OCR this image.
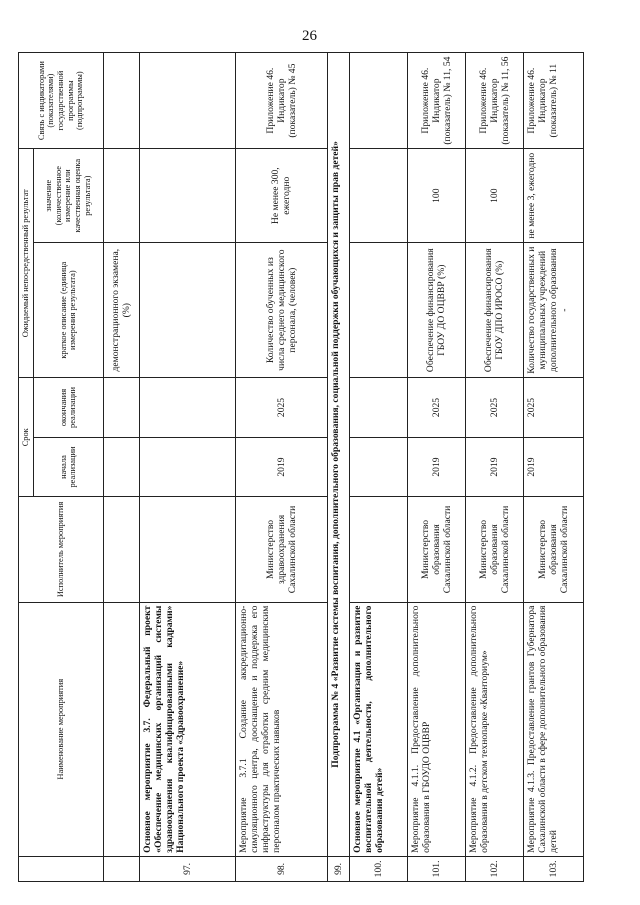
26
	Наименование мероприятия	Исполнитель мероприятия	Срок		Ожидаемый непосредственный результат		Связь с индикаторами (показателями) государственной программы (подпрограммы)
			начала реализации	окончания реализации	краткое описание (единица измерения результата)	значение (количественное измерение или качественная оценка результата)	
					демонстрационного экзамена, (%)		
97.	Основное мероприятие 3.7. Федеральный проект «Обеспечение медицинских организаций системы здравоохранения квалифицированными кадрами» Национального проекта «Здравоохранение»						
98.	Мероприятие 3.7.1 Создание аккредитационно-симуляционного центра, дооснащение и поддержка его инфраструктуры для отработки средним медицинским персоналом практических навыков	Министерство здравоохранения Сахалинской области	2019	2025	Количество обученных из числа среднего медицинского персонала, (человек)	Не менее 300, ежегодно	Приложение 46. Индикатор (показатель) № 45
99.	Подпрограмма № 4 «Развитие системы воспитания, дополнительного образования, социальной поддержки обучающихся и защиты прав детей»						
100.	Основное мероприятие 4.1 «Организация и развитие воспитательной деятельности, дополнительного образования детей»						
101.	Мероприятие 4.1.1. Предоставление дополнительного образования в ГБОУДО ОЦВВР	Министерство образования Сахалинской области	2019	2025	Обеспечение финансирования ГБОУ ДО ОЦВВР (%)	100	Приложение 46. Индикатор (показатель) № 11, 54
102.	Мероприятие 4.1.2. Предоставление дополнительного образования в детском технопарке «Кванториум»	Министерство образования Сахалинской области	2019	2025	Обеспечение финансирования ГБОУ ДПО ИРОСО (%)	100	Приложение 46. Индикатор (показатель) № 11, 56
103.	Мероприятие 4.1.3. Предоставление грантов Губернатора Сахалинской области в сфере дополнительного образования детей	Министерство образования Сахалинской области	2019	2025	Количество государственных и муниципальных учреждений дополнительного образования -	не менее 3, ежегодно	Приложение 46. Индикатор (показатель) № 11
